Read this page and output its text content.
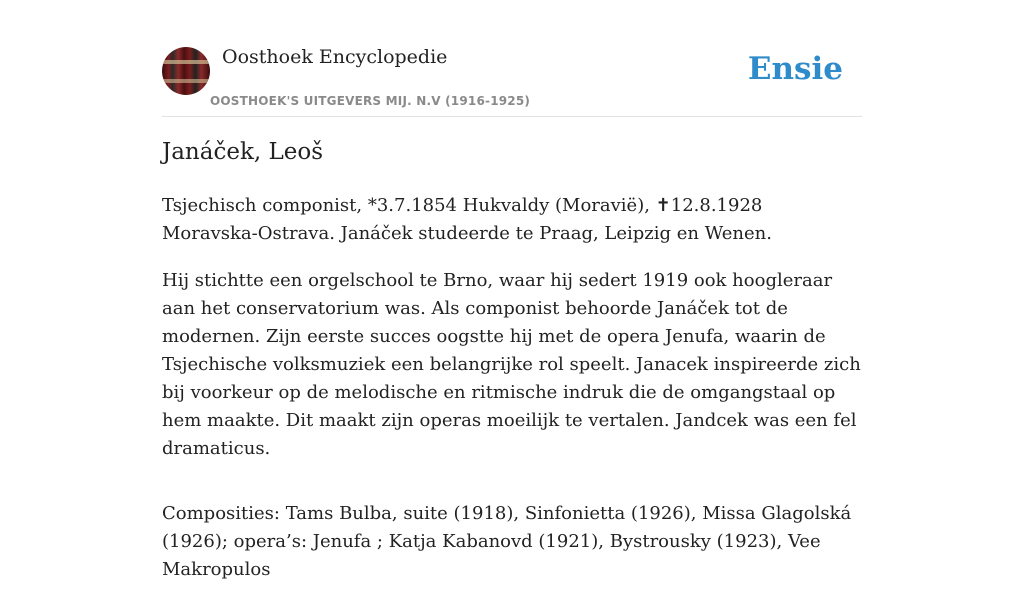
Oosthoek Encyclopedie
OOSTHOEK'S UITGEVERS MIJ. N.V (1916-1925)
Ensie
Janáček, Leoš

Tsjechisch componist, *3.7.1854 Hukvaldy (Moravië), ✝12.8.1928 Moravska-Ostrava. Janáček studeerde te Praag, Leipzig en Wenen.

Hij stichtte een orgelschool te Brno, waar hij sedert 1919 ook hoogleraar aan het conservatorium was. Als componist behoorde Janáček tot de modernen. Zijn eerste succes oogstte hij met de opera Jenufa, waarin de Tsjechische volksmuziek een belangrijke rol speelt. Janacek inspireerde zich bij voorkeur op de melodische en ritmische indruk die de omgangstaal op hem maakte. Dit maakt zijn operas moeilijk te vertalen. Jandcek was een fel dramaticus.

Composities: Tams Bulba, suite (1918), Sinfonietta (1926), Missa Glagolská (1926); opera’s: Jenufa ; Katja Kabanovd (1921), Bystrousky (1923), Vee Makropulos
